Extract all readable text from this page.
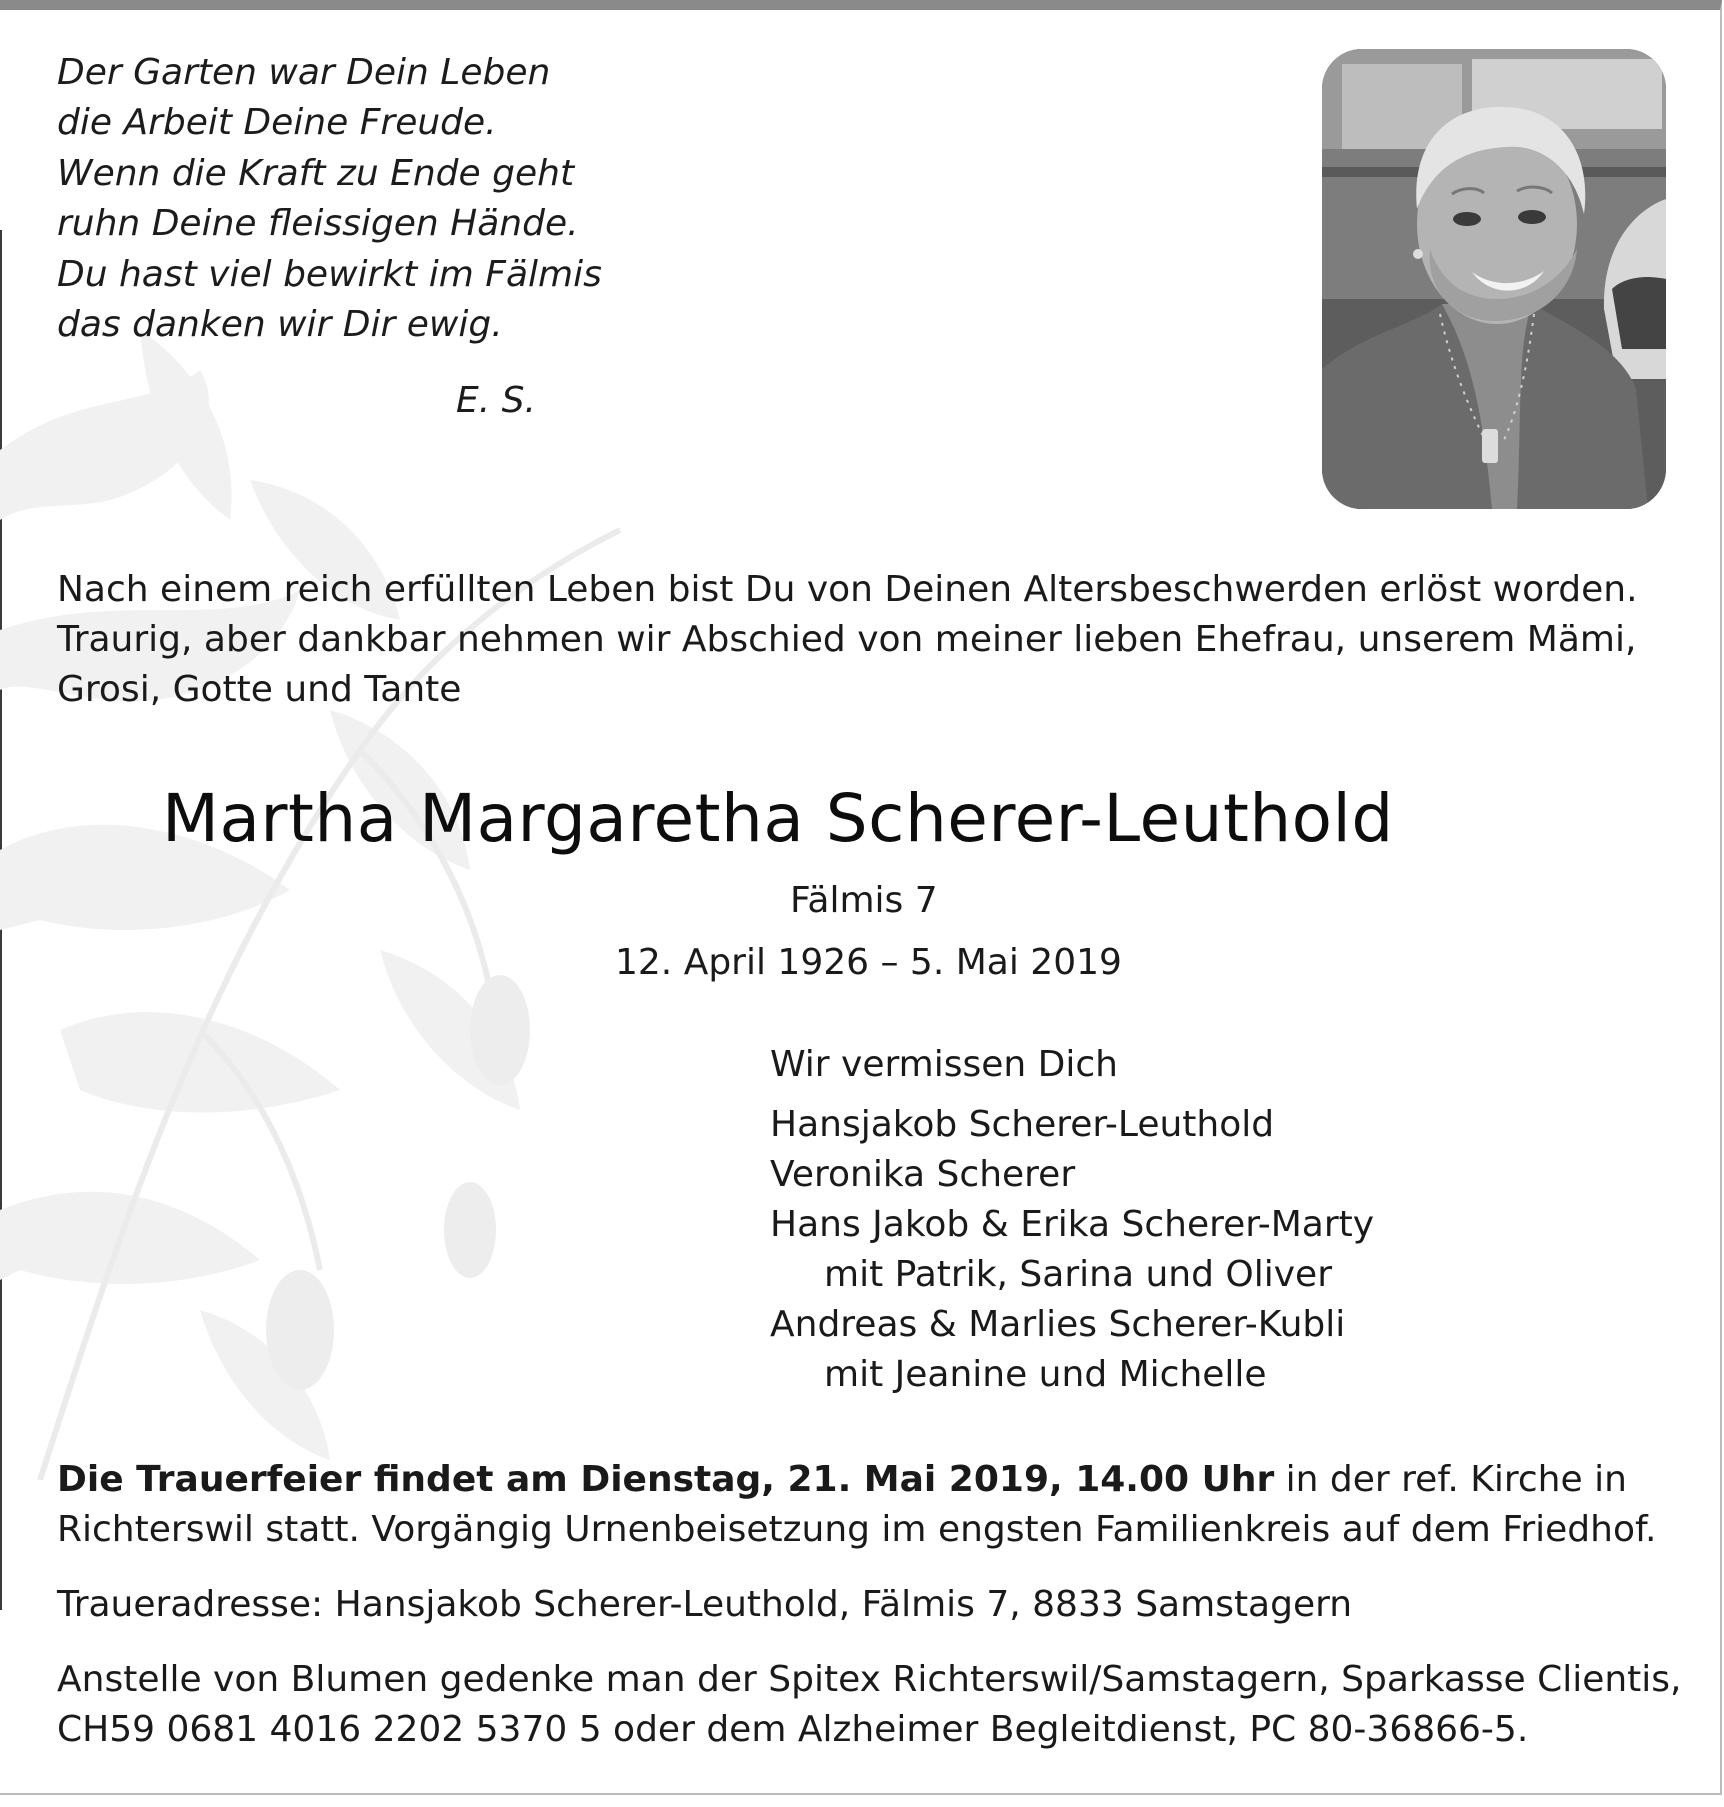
Der Garten war Dein Leben
die Arbeit Deine Freude.
Wenn die Kraft zu Ende geht
ruhn Deine fleissigen Hände.
Du hast viel bewirkt im Fälmis
das danken wir Dir ewig.
E. S.
Nach einem reich erfüllten Leben bist Du von Deinen Altersbeschwerden erlöst worden.
Traurig, aber dankbar nehmen wir Abschied von meiner lieben Ehefrau, unserem Mämi,
Grosi, Gotte und Tante
Martha Margaretha Scherer-Leuthold
Fälmis 7
12. April 1926 – 5. Mai 2019
Wir vermissen Dich
Hansjakob Scherer-Leuthold
Veronika Scherer
Hans Jakob & Erika Scherer-Marty
mit Patrik, Sarina und Oliver
Andreas & Marlies Scherer-Kubli
mit Jeanine und Michelle
Die Trauerfeier findet am Dienstag, 21. Mai 2019, 14.00 Uhr in der ref. Kirche in
Richterswil statt. Vorgängig Urnenbeisetzung im engsten Familienkreis auf dem Friedhof.
Traueradresse: Hansjakob Scherer-Leuthold, Fälmis 7, 8833 Samstagern
Anstelle von Blumen gedenke man der Spitex Richterswil/Samstagern, Sparkasse Clientis,
CH59 0681 4016 2202 5370 5 oder dem Alzheimer Begleitdienst, PC 80-36866-5.
